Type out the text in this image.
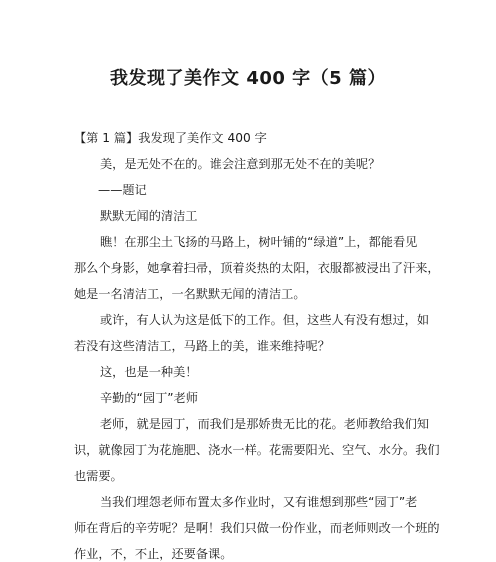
我发现了美作文 400 字（5 篇）
【第 1 篇】我发现了美作文 400 字
美，是无处不在的。谁会注意到那无处不在的美呢？
——题记
默默无闻的清洁工
瞧！在那尘土飞扬的马路上，树叶铺的“绿道”上，都能看见
那么个身影，她拿着扫帚，顶着炎热的太阳，衣服都被浸出了汗来，
她是一名清洁工，一名默默无闻的清洁工。
或许，有人认为这是低下的工作。但，这些人有没有想过，如
若没有这些清洁工，马路上的美，谁来维持呢？
这，也是一种美！
辛勤的“园丁”老师
老师，就是园丁，而我们是那娇贵无比的花。老师教给我们知
识，就像园丁为花施肥、浇水一样。花需要阳光、空气、水分。我们
也需要。
当我们埋怨老师布置太多作业时，又有谁想到那些“园丁”老
师在背后的辛劳呢？是啊！我们只做一份作业，而老师则改一个班的
作业，不，不止，还要备课。
